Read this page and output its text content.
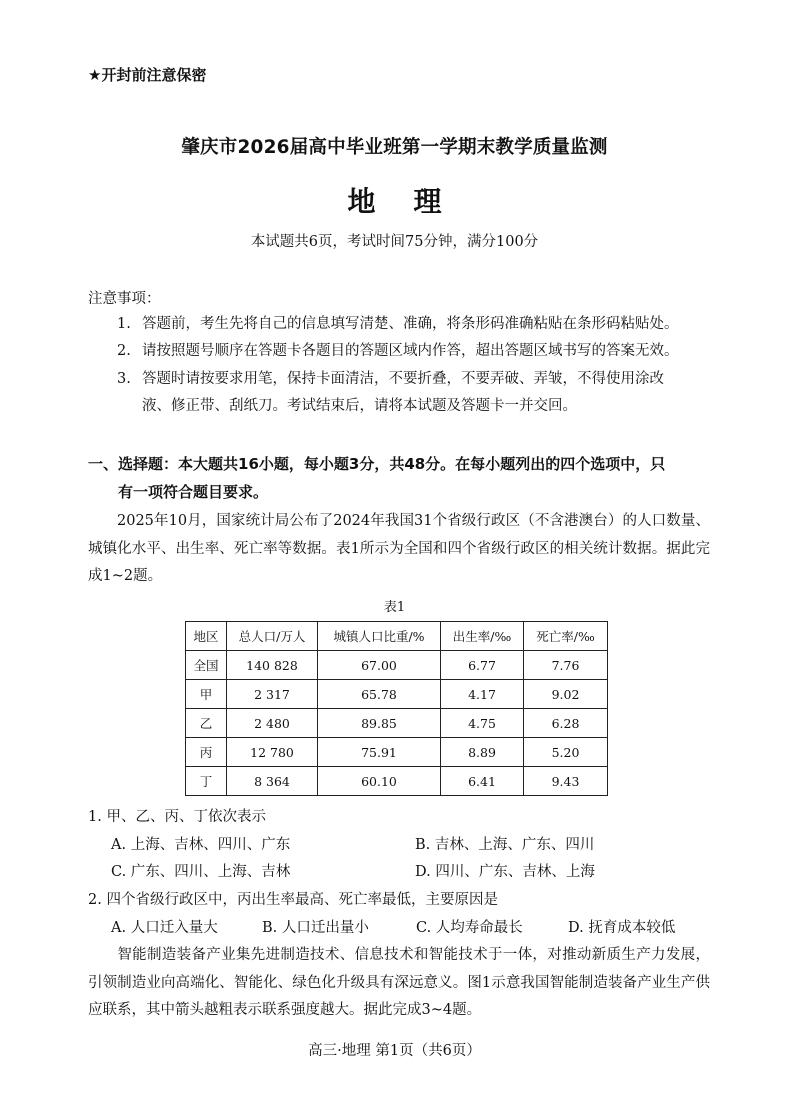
★开封前注意保密
肇庆市2026届高中毕业班第一学期末教学质量监测
地 理
本试题共6页，考试时间75分钟，满分100分
注意事项：
1. 答题前，考生先将自己的信息填写清楚、准确，将条形码准确粘贴在条形码粘贴处。
2. 请按照题号顺序在答题卡各题目的答题区域内作答，超出答题区域书写的答案无效。
3. 答题时请按要求用笔，保持卡面清洁，不要折叠，不要弄破、弄皱，不得使用涂改
液、修正带、刮纸刀。考试结束后，请将本试题及答题卡一并交回。
一、选择题：本大题共16小题，每小题3分，共48分。在每小题列出的四个选项中，只
有一项符合题目要求。
2025年10月，国家统计局公布了2024年我国31个省级行政区（不含港澳台）的人口数量、城镇化水平、出生率、死亡率等数据。表1所示为全国和四个省级行政区的相关统计数据。据此完成1~2题。
表1
地区	总人口/万人	城镇人口比重/%	出生率/‰	死亡率/‰
全国	140 828	67.00	6.77	7.76
甲	2 317	65.78	4.17	9.02
乙	2 480	89.85	4.75	6.28
丙	12 780	75.91	8.89	5.20
丁	8 364	60.10	6.41	9.43
1. 甲、乙、丙、丁依次表示
A. 上海、吉林、四川、广东	B. 吉林、上海、广东、四川
C. 广东、四川、上海、吉林	D. 四川、广东、吉林、上海
2. 四个省级行政区中，丙出生率最高、死亡率最低，主要原因是
A. 人口迁入量大	B. 人口迁出量小	C. 人均寿命最长	D. 抚育成本较低
智能制造装备产业集先进制造技术、信息技术和智能技术于一体，对推动新质生产力发展，引领制造业向高端化、智能化、绿色化升级具有深远意义。图1示意我国智能制造装备产业生产供应联系，其中箭头越粗表示联系强度越大。据此完成3~4题。
高三·地理 第1页（共6页）
